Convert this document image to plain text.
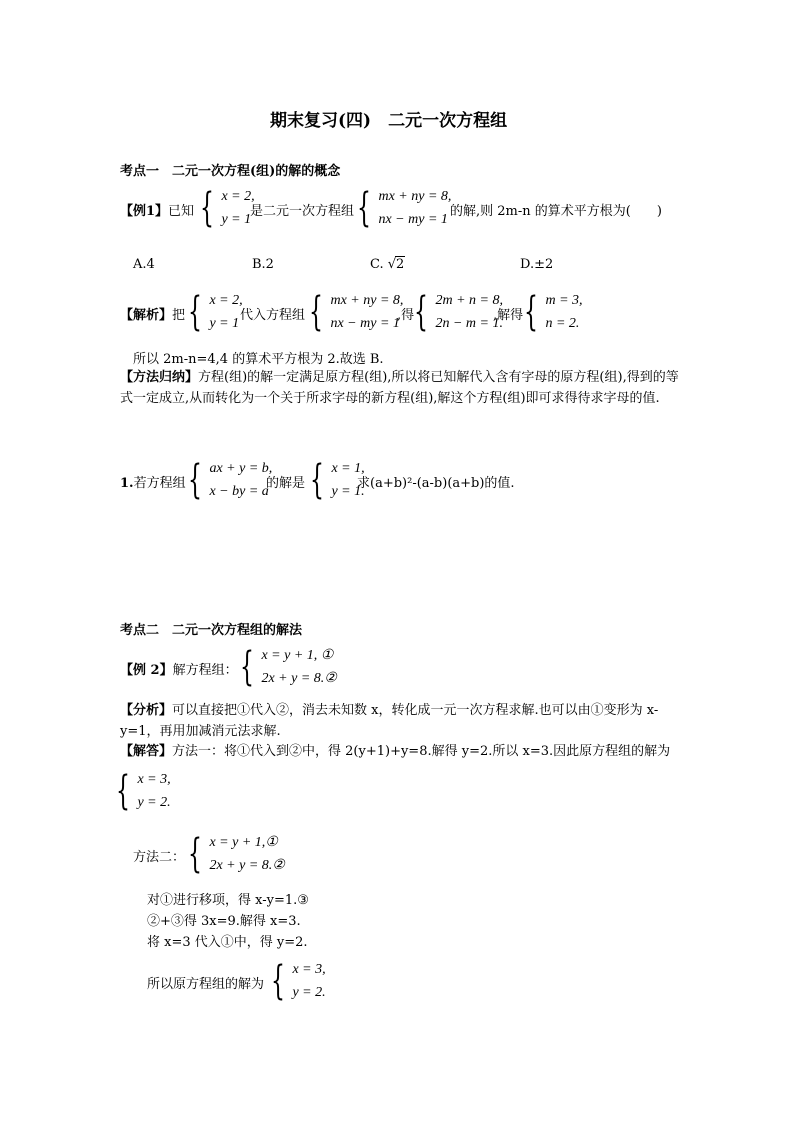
期末复习(四)　二元一次方程组
考点一　二元一次方程(组)的解的概念
【例1】已知 { x = 2,
y = 1
是二元一次方程组 { mx + ny = 8,
nx − my = 1
的解,则 2m-n 的算术平方根为(　　)
A.4	B.2	C. √2	D.±2
【解析】把 { x = 2,
y = 1
代入方程组 { mx + ny = 8,
nx − my = 1
,得 { 2m + n = 8,
2n − m = 1.
,解得 { m = 3,
n = 2.
所以 2m-n=4,4 的算术平方根为 2.故选 B.
【方法归纳】方程(组)的解一定满足原方程(组),所以将已知解代入含有字母的原方程(组),得到的等式一定成立,从而转化为一个关于所求字母的新方程(组),解这个方程(组)即可求得待求字母的值.
1.若方程组 { ax + y = b,
x − by = a
的解是 { x = 1,
y = 1.
求(a+b)²-(a-b)(a+b)的值.
考点二　二元一次方程组的解法
【例 2】解方程组： { x = y + 1, ①
2x + y = 8.②
【分析】可以直接把①代入②，消去未知数 x，转化成一元一次方程求解.也可以由①变形为 x-y=1，再用加减消元法求解.
【解答】方法一：将①代入到②中，得 2(y+1)+y=8.解得 y=2.所以 x=3.因此原方程组的解为
{ x = 3,
y = 2.
方法二： { x = y + 1,①
2x + y = 8.②
对①进行移项，得 x-y=1.③
②+③得 3x=9.解得 x=3.
将 x=3 代入①中，得 y=2.
所以原方程组的解为 { x = 3,
y = 2.
